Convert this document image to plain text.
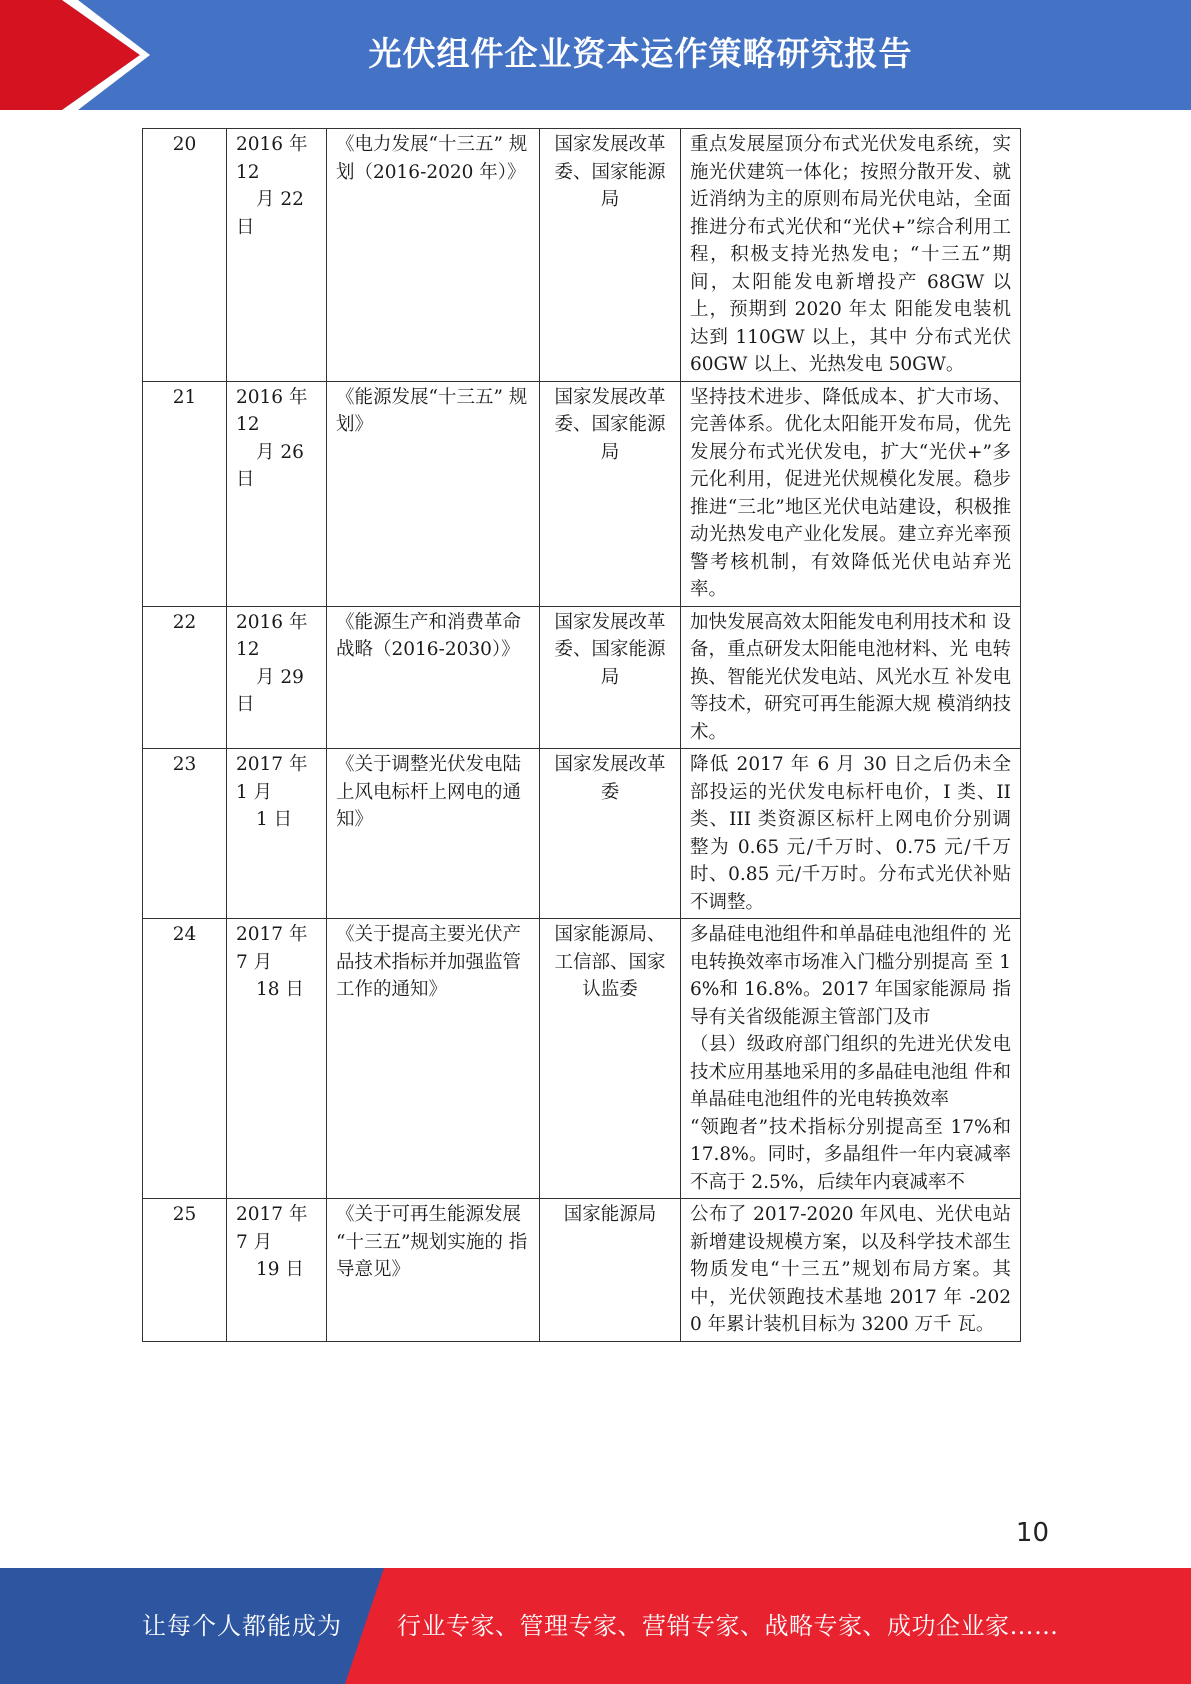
光伏组件企业资本运作策略研究报告
20	2016 年
12
月 22
日	《电力发展“十三五” 规划（2016-2020 年）》	国家发展改革委、国家能源局	重点发展屋顶分布式光伏发电系统，实施光伏建筑一体化；按照分散开发、就近消纳为主的原则布局光伏电站，全面推进分布式光伏和“光伏+”综合利用工程，积极支持光热发电；“十三五”期间，太阳能发电新增投产 68GW 以上，预期到 2020 年太 阳能发电装机达到 110GW 以上，其中 分布式光伏 60GW 以上、光热发电 50GW。

21	2016 年
12
月 26
日	《能源发展“十三五” 规划》	国家发展改革委、国家能源局	坚持技术进步、降低成本、扩大市场、完善体系。优化太阳能开发布局，优先发展分布式光伏发电，扩大“光伏+”多元化利用，促进光伏规模化发展。稳步推进“三北”地区光伏电站建设，积极推动光热发电产业化发展。建立弃光率预警考核机制，有效降低光伏电站弃光率。

22	2016 年
12
月 29
日	《能源生产和消费革命
战略（2016-2030）》	国家发展改革委、国家能源局	加快发展高效太阳能发电利用技术和 设备，重点研发太阳能电池材料、光 电转换、智能光伏发电站、风光水互 补发电等技术，研究可再生能源大规 模消纳技术。

23	2017 年
1 月
1 日	《关于调整光伏发电陆 上风电标杆上网电的通 知》	国家发展改革委	降低 2017 年 6 月 30 日之后仍未全部投运的光伏发电标杆电价，I 类、II 类、III 类资源区标杆上网电价分别调整为 0.65 元/千万时、0.75 元/千万时、0.85 元/千万时。分布式光伏补贴不调整。

24	2017 年
7 月
18 日	《关于提高主要光伏产 品技术指标并加强监管 工作的通知》	国家能源局、工信部、国家认监委	多晶硅电池组件和单晶硅电池组件的 光电转换效率市场准入门槛分别提高 至 16%和 16.8%。2017 年国家能源局 指导有关省级能源主管部门及市
（县）级政府部门组织的先进光伏发电技术应用基地采用的多晶硅电池组 件和单晶硅电池组件的光电转换效率
“领跑者”技术指标分别提高至 17%和 17.8%。同时，多晶组件一年内衰减率不高于 2.5%，后续年内衰减率不

25	2017 年
7 月
19 日	《关于可再生能源发展 “十三五”规划实施的 指导意见》	国家能源局	公布了 2017-2020 年风电、光伏电站新增建设规模方案，以及科学技术部生物质发电“十三五”规划布局方案。其中，光伏领跑技术基地 2017 年 -2020 年累计装机目标为 3200 万千 瓦。
10
让每个人都能成为 行业专家、管理专家、营销专家、战略专家、成功企业家……
